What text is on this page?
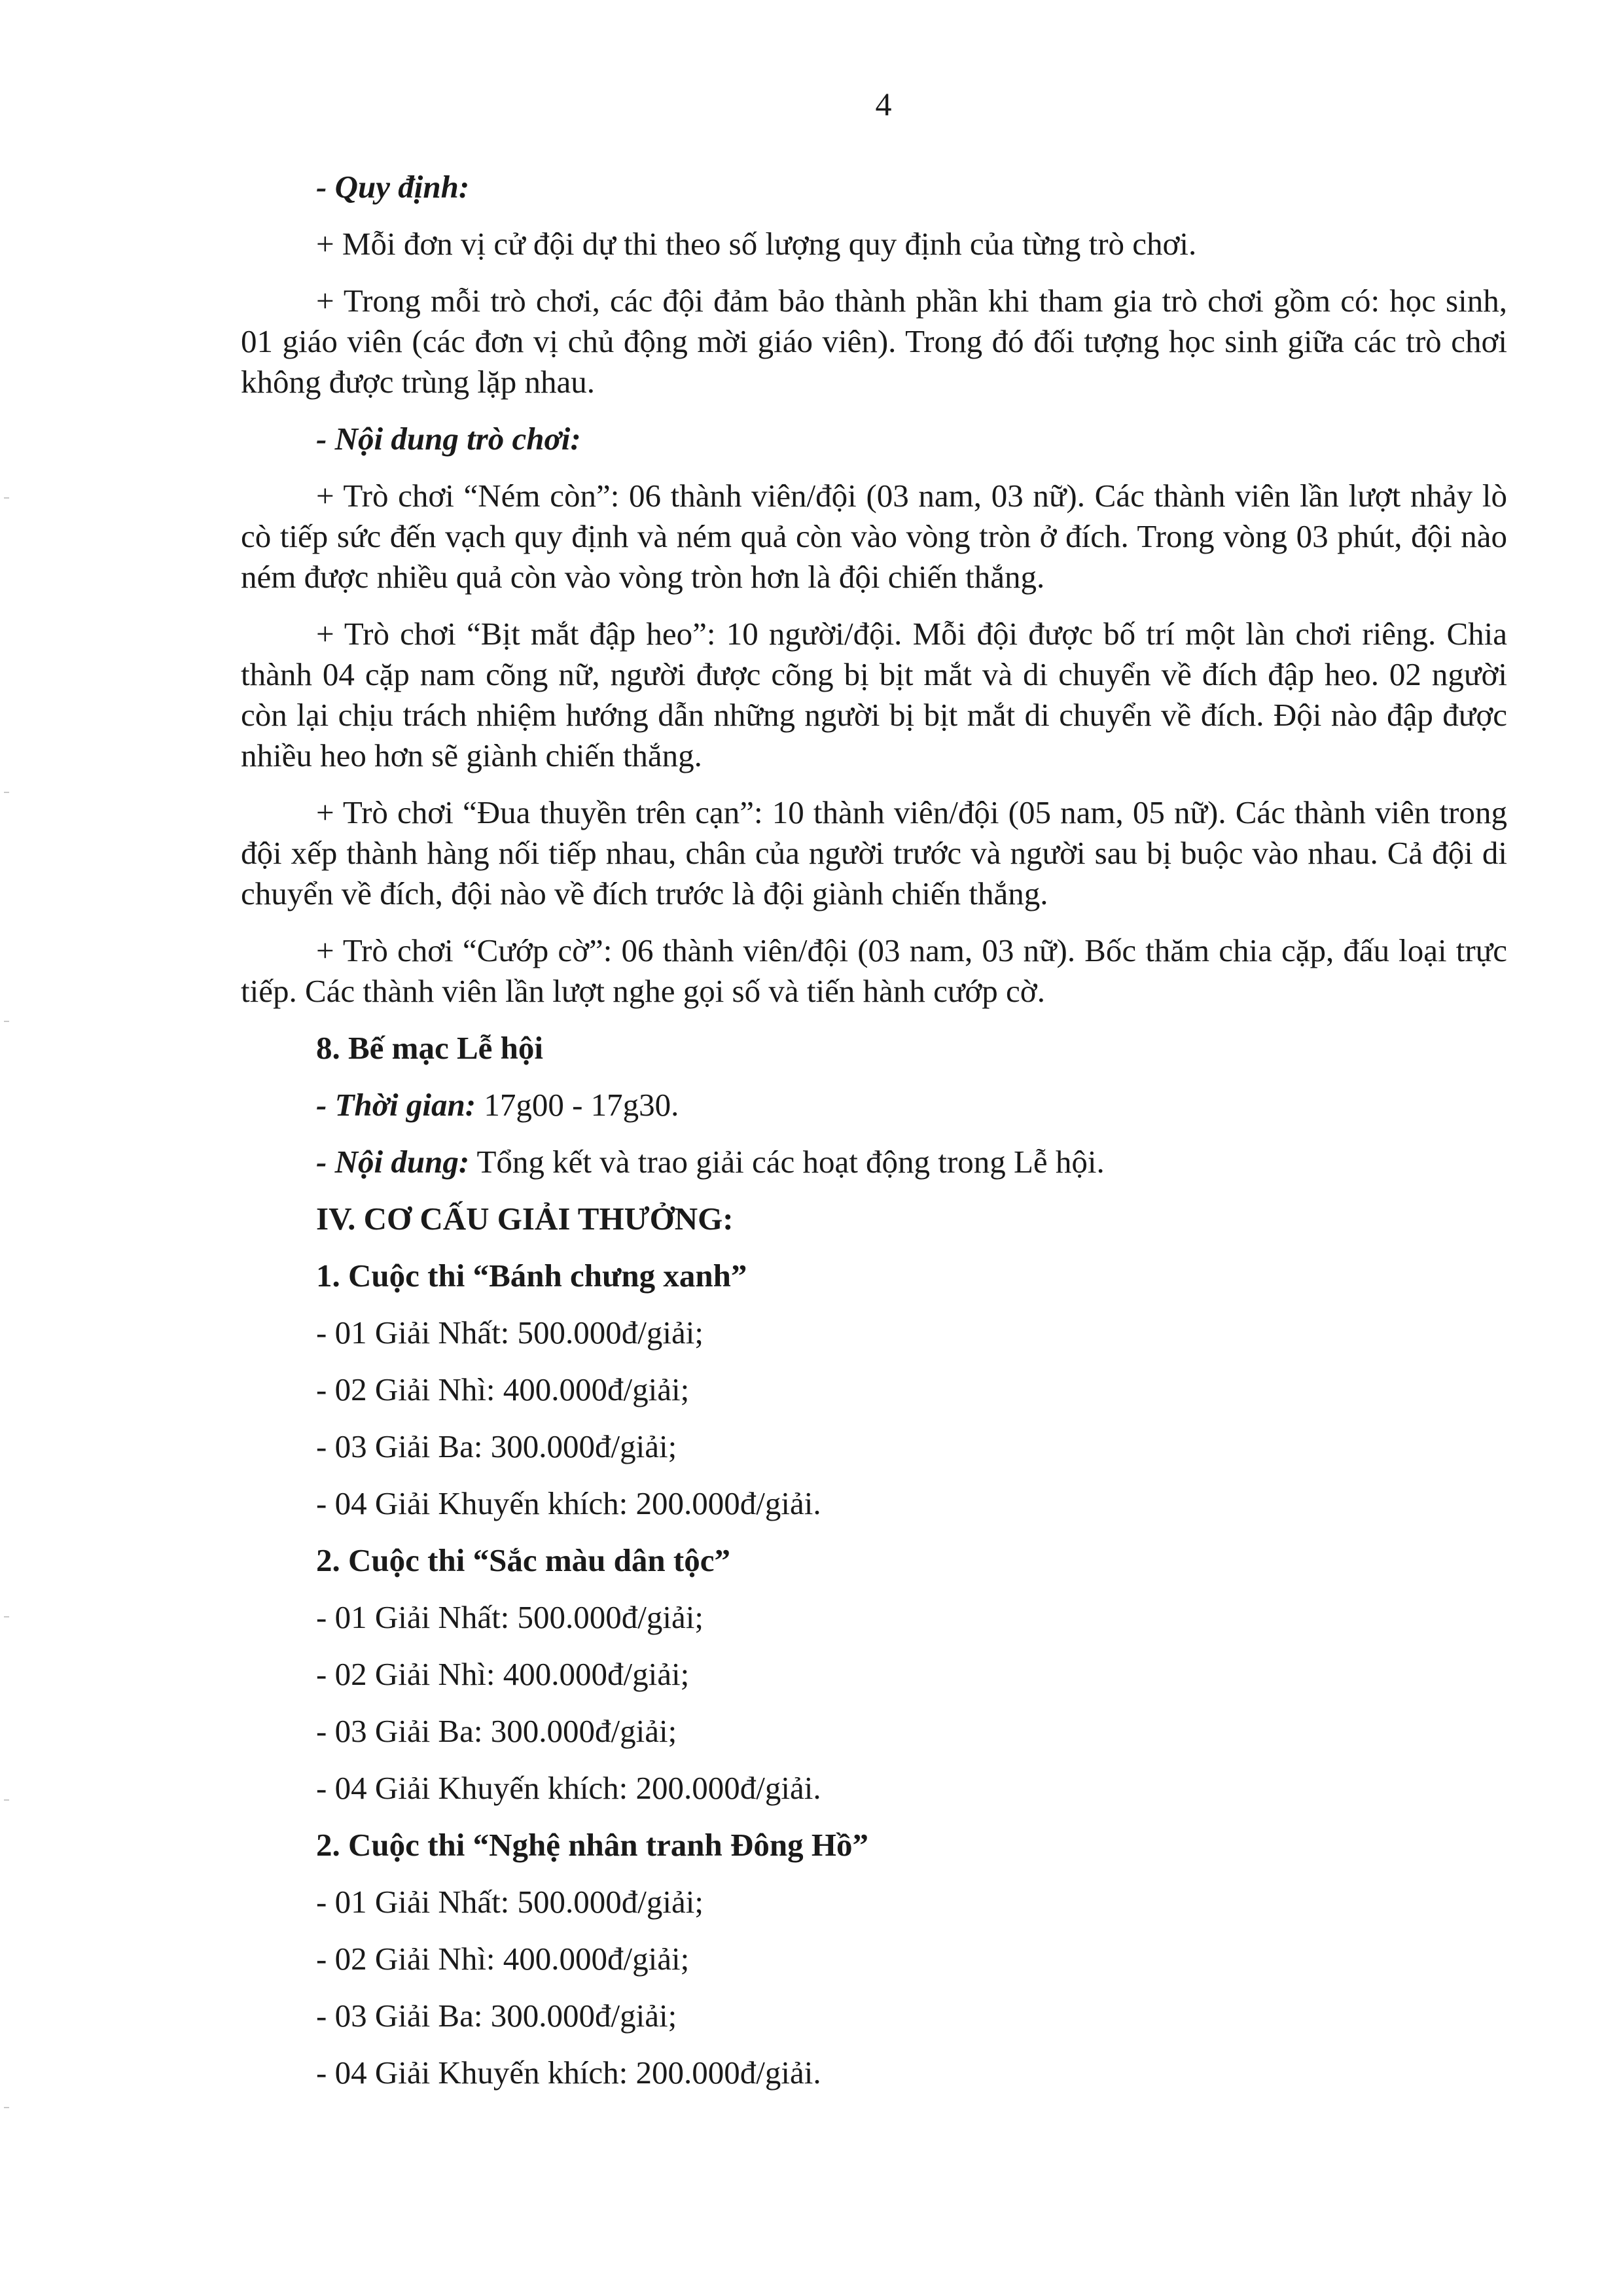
4
- Quy định:

+ Mỗi đơn vị cử đội dự thi theo số lượng quy định của từng trò chơi.

+ Trong mỗi trò chơi, các đội đảm bảo thành phần khi tham gia trò chơi gồm có: học sinh, 01 giáo viên (các đơn vị chủ động mời giáo viên). Trong đó đối tượng học sinh giữa các trò chơi không được trùng lặp nhau.

- Nội dung trò chơi:

+ Trò chơi “Ném còn”: 06 thành viên/đội (03 nam, 03 nữ). Các thành viên lần lượt nhảy lò cò tiếp sức đến vạch quy định và ném quả còn vào vòng tròn ở đích. Trong vòng 03 phút, đội nào ném được nhiều quả còn vào vòng tròn hơn là đội chiến thắng.

+ Trò chơi “Bịt mắt đập heo”: 10 người/đội. Mỗi đội được bố trí một làn chơi riêng. Chia thành 04 cặp nam cõng nữ, người được cõng bị bịt mắt và di chuyển về đích đập heo. 02 người còn lại chịu trách nhiệm hướng dẫn những người bị bịt mắt di chuyển về đích. Đội nào đập được nhiều heo hơn sẽ giành chiến thắng.

+ Trò chơi “Đua thuyền trên cạn”: 10 thành viên/đội (05 nam, 05 nữ). Các thành viên trong đội xếp thành hàng nối tiếp nhau, chân của người trước và người sau bị buộc vào nhau. Cả đội di chuyển về đích, đội nào về đích trước là đội giành chiến thắng.

+ Trò chơi “Cướp cờ”: 06 thành viên/đội (03 nam, 03 nữ). Bốc thăm chia cặp, đấu loại trực tiếp. Các thành viên lần lượt nghe gọi số và tiến hành cướp cờ.

8. Bế mạc Lễ hội
- Thời gian: 17g00 - 17g30.
- Nội dung: Tổng kết và trao giải các hoạt động trong Lễ hội.
IV. CƠ CẤU GIẢI THƯỞNG:
1. Cuộc thi “Bánh chưng xanh”
- 01 Giải Nhất: 500.000đ/giải;
- 02 Giải Nhì: 400.000đ/giải;
- 03 Giải Ba: 300.000đ/giải;
- 04 Giải Khuyến khích: 200.000đ/giải.
2. Cuộc thi “Sắc màu dân tộc”
- 01 Giải Nhất: 500.000đ/giải;
- 02 Giải Nhì: 400.000đ/giải;
- 03 Giải Ba: 300.000đ/giải;
- 04 Giải Khuyến khích: 200.000đ/giải.
2. Cuộc thi “Nghệ nhân tranh Đông Hồ”
- 01 Giải Nhất: 500.000đ/giải;
- 02 Giải Nhì: 400.000đ/giải;
- 03 Giải Ba: 300.000đ/giải;
- 04 Giải Khuyến khích: 200.000đ/giải.
